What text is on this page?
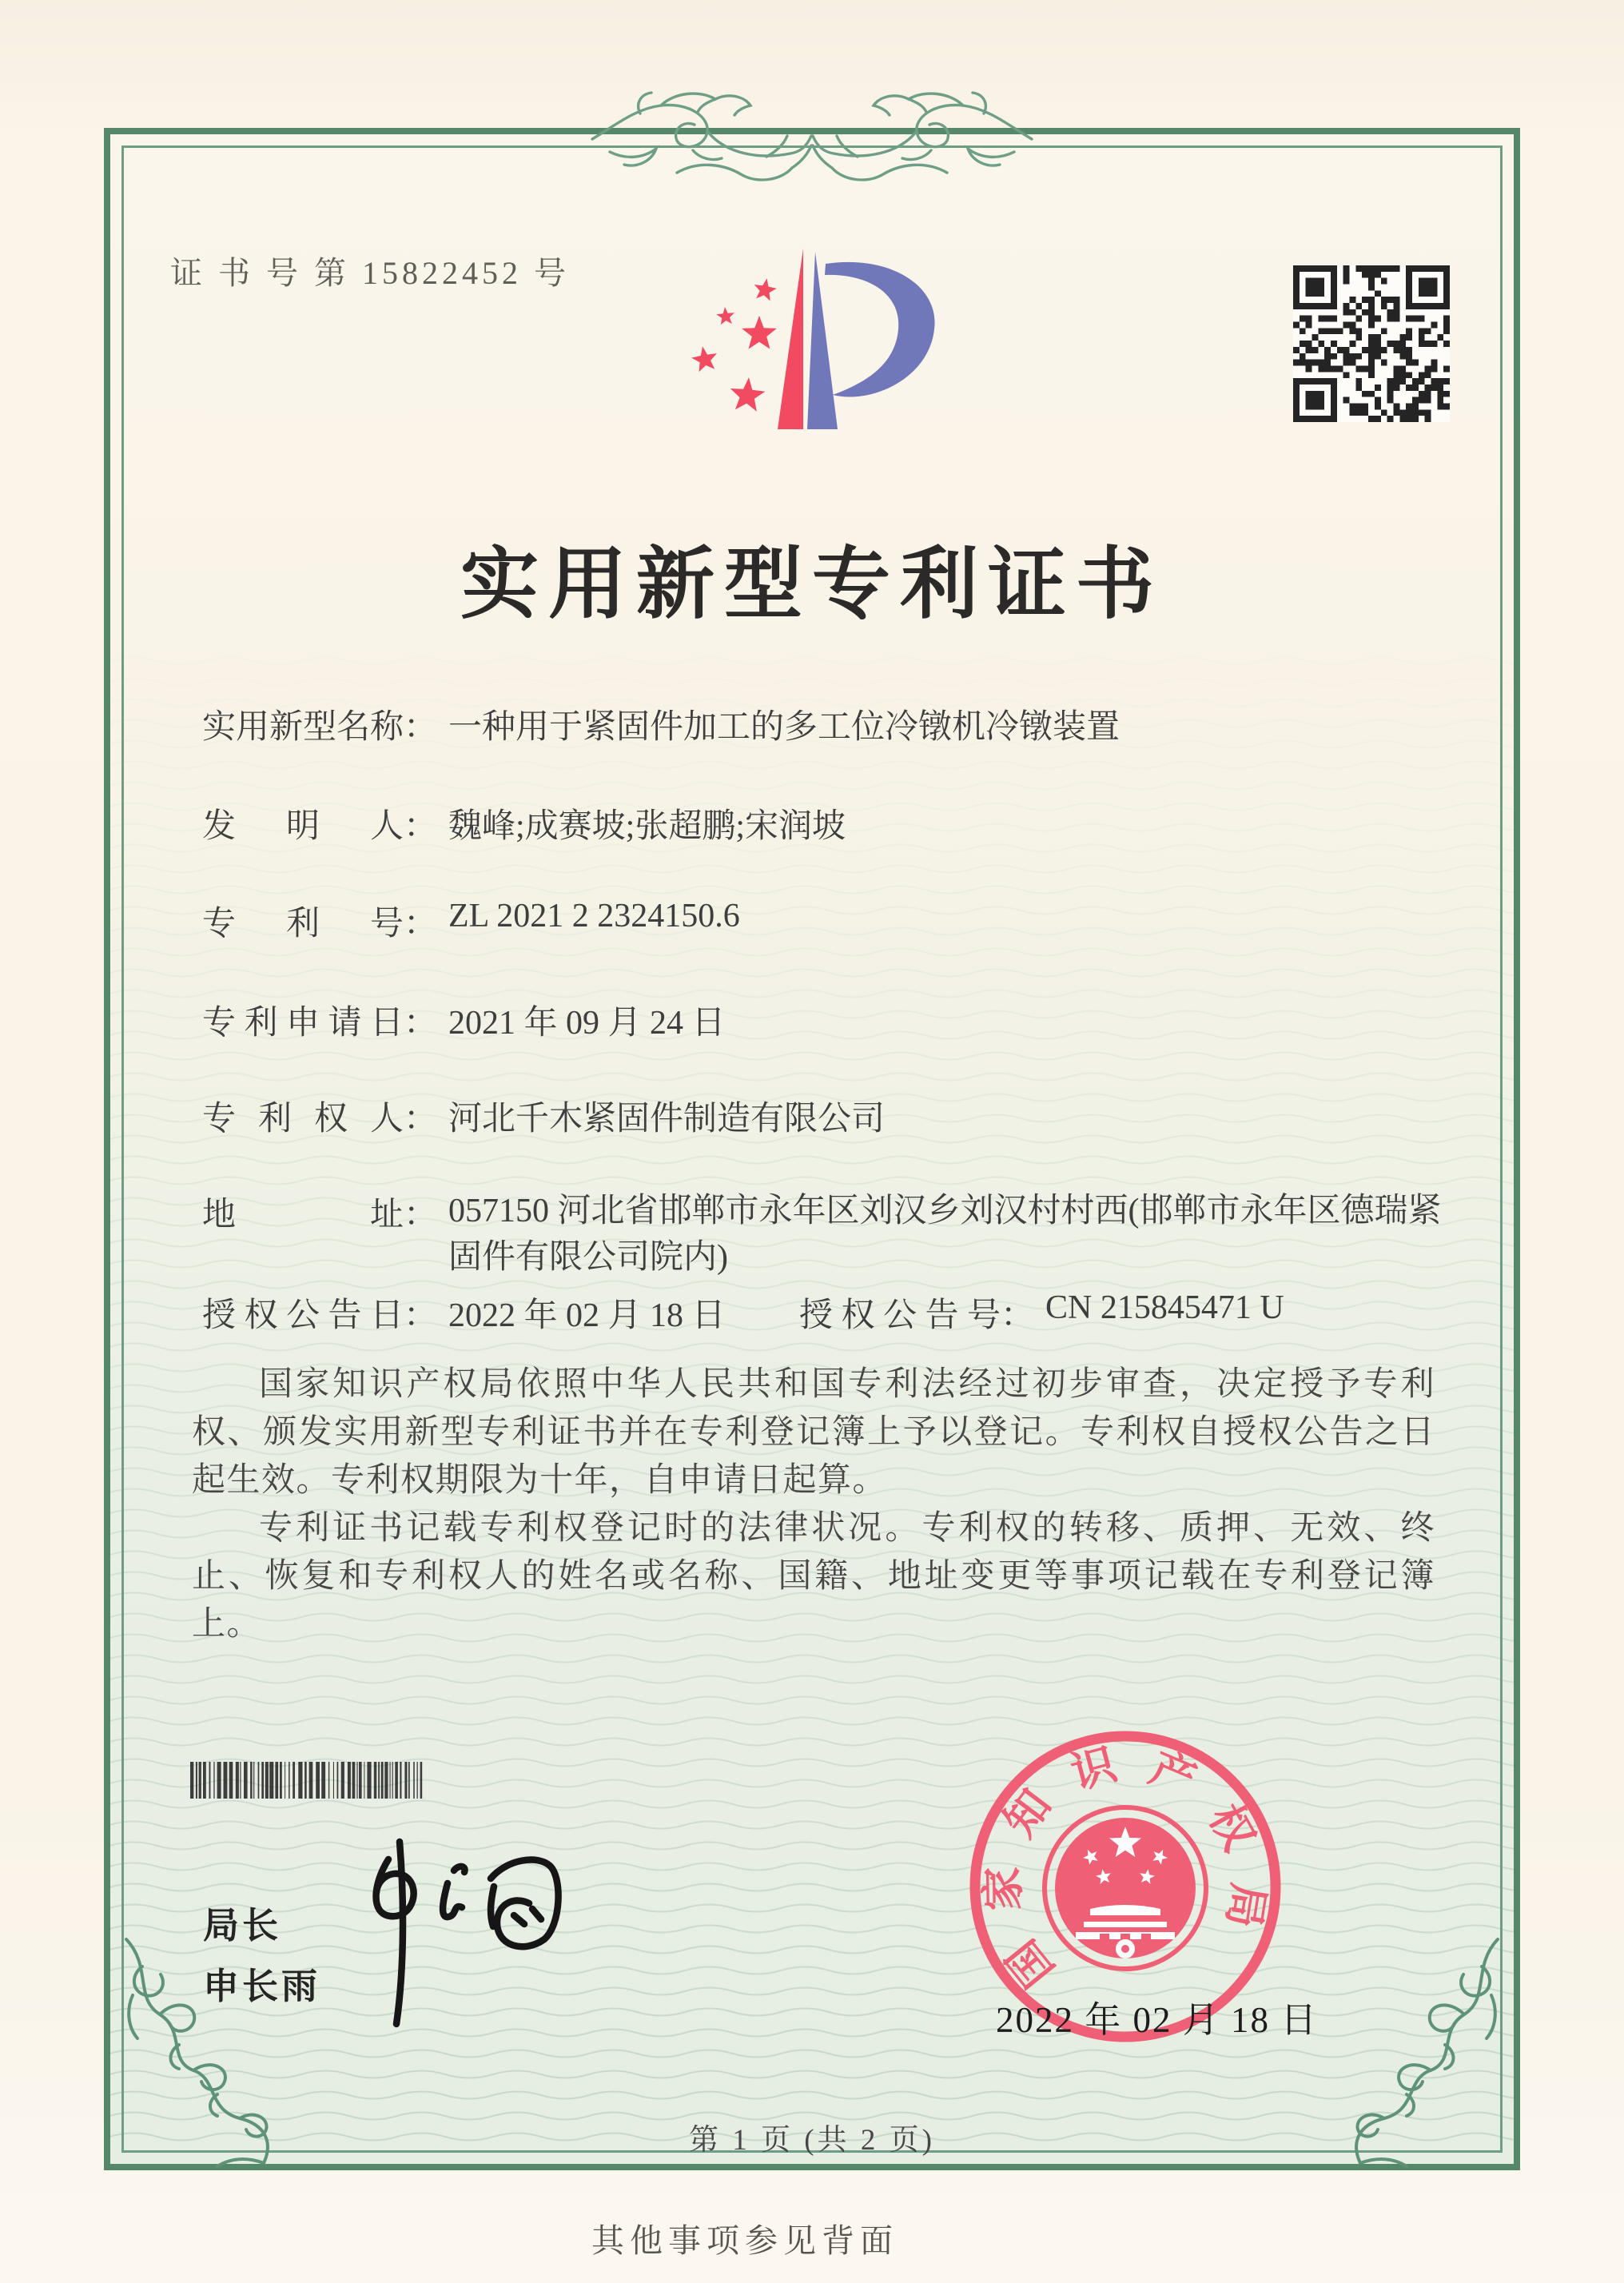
证 书 号 第 15822452 号
实用新型专利证书
实用新型名称： 一种用于紧固件加工的多工位冷镦机冷镦装置
发明人： 魏峰;成赛坡;张超鹏;宋润坡
专利号： ZL 2021 2 2324150.6
专利申请日： 2021 年 09 月 24 日
专利权人： 河北千木紧固件制造有限公司
地址： 057150 河北省邯郸市永年区刘汉乡刘汉村村西(邯郸市永年区德瑞紧固件有限公司院内)
授权公告日： 2022 年 02 月 18 日 授权公告号： CN 215845471 U

国家知识产权局依照中华人民共和国专利法经过初步审查，决定授予专利权、颁发实用新型专利证书并在专利登记簿上予以登记。专利权自授权公告之日起生效。专利权期限为十年，自申请日起算。

专利证书记载专利权登记时的法律状况。专利权的转移、质押、无效、终止、恢复和专利权人的姓名或名称、国籍、地址变更等事项记载在专利登记簿上。

局长
申长雨	国
家
知
识 产
权
局
2022 年 02 月 18 日
第 1 页 (共 2 页)
其他事项参见背面
